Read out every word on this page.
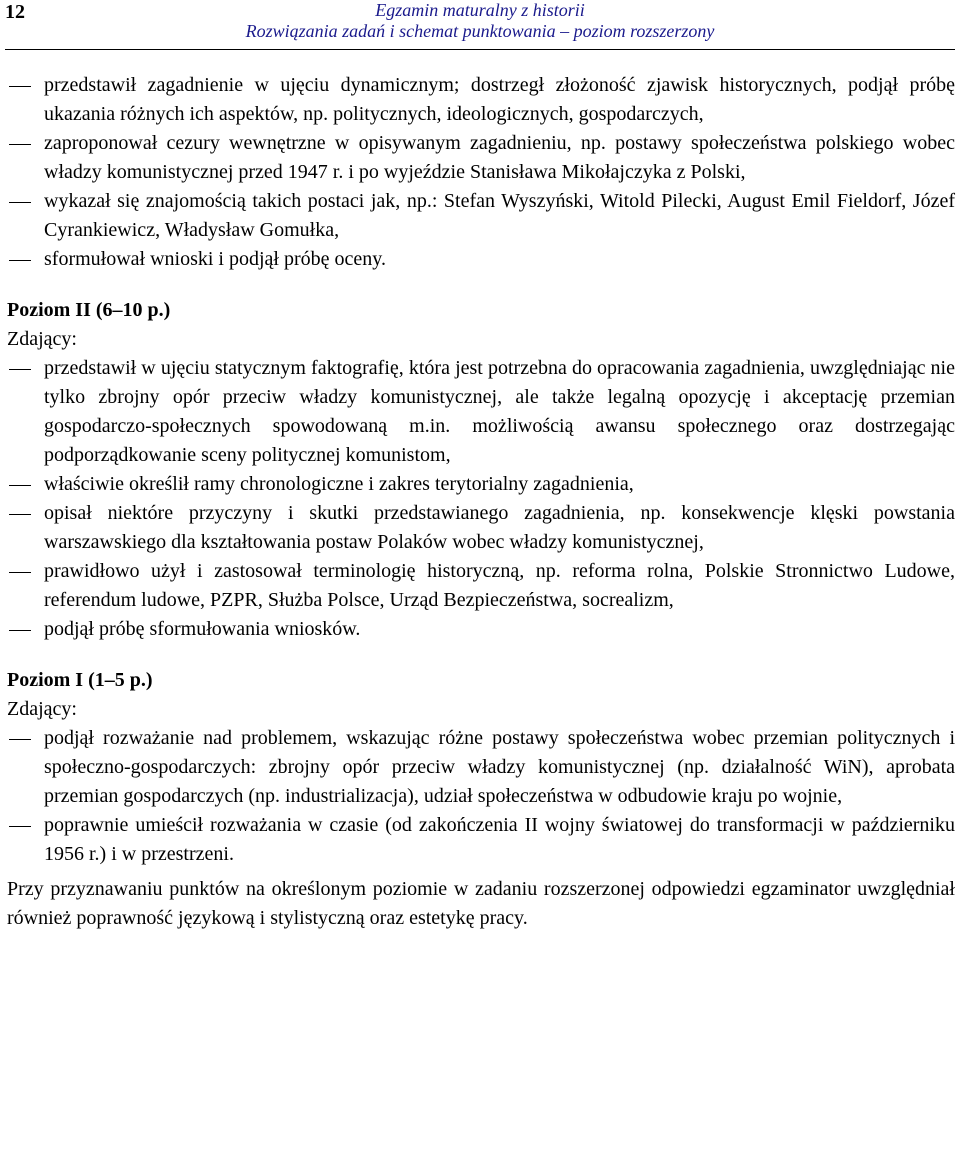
12	Egzamin maturalny z historii
Rozwiązania zadań i schemat punktowania – poziom rozszerzony
przedstawił zagadnienie w ujęciu dynamicznym; dostrzegł złożoność zjawisk historycznych, podjął próbę ukazania różnych ich aspektów, np. politycznych, ideologicznych, gospodarczych,
zaproponował cezury wewnętrzne w opisywanym zagadnieniu, np. postawy społeczeństwa polskiego wobec władzy komunistycznej przed 1947 r. i po wyjeździe Stanisława Mikołajczyka z Polski,
wykazał się znajomością takich postaci jak, np.: Stefan Wyszyński, Witold Pilecki, August Emil Fieldorf, Józef Cyrankiewicz, Władysław Gomułka,
sformułował wnioski i podjął próbę oceny.
Poziom II (6–10 p.)
Zdający:
przedstawił w ujęciu statycznym faktografię, która jest potrzebna do opracowania zagadnienia, uwzględniając nie tylko zbrojny opór przeciw władzy komunistycznej, ale także legalną opozycję i akceptację przemian gospodarczo-społecznych spowodowaną m.in. możliwością awansu społecznego oraz dostrzegając podporządkowanie sceny politycznej komunistom,
właściwie określił ramy chronologiczne i zakres terytorialny zagadnienia,
opisał niektóre przyczyny i skutki przedstawianego zagadnienia, np. konsekwencje klęski powstania warszawskiego dla kształtowania postaw Polaków wobec władzy komunistycznej,
prawidłowo użył i zastosował terminologię historyczną, np. reforma rolna, Polskie Stronnictwo Ludowe, referendum ludowe, PZPR, Służba Polsce, Urząd Bezpieczeństwa, socrealizm,
podjął próbę sformułowania wniosków.
Poziom I (1–5 p.)
Zdający:
podjął rozważanie nad problemem, wskazując różne postawy społeczeństwa wobec przemian politycznych i społeczno-gospodarczych: zbrojny opór przeciw władzy komunistycznej (np. działalność WiN), aprobata przemian gospodarczych (np. industrializacja), udział społeczeństwa w odbudowie kraju po wojnie,
poprawnie umieścił rozważania w czasie (od zakończenia II wojny światowej do transformacji w październiku 1956 r.) i w przestrzeni.
Przy przyznawaniu punktów na określonym poziomie w zadaniu rozszerzonej odpowiedzi egzaminator uwzględniał również poprawność językową i stylistyczną oraz estetykę pracy.
